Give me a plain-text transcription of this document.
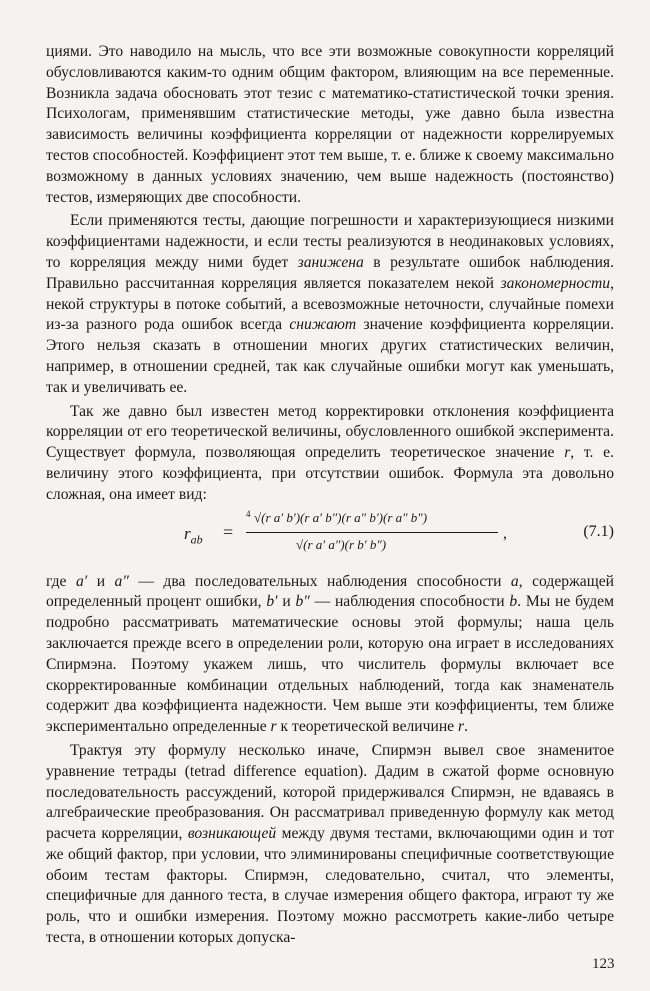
циями. Это наводило на мысль, что все эти возможные совокупности корреляций обусловливаются каким-то одним общим фактором, влияющим на все переменные. Возникла задача обосновать этот тезис с математико-статистической точки зрения. Психологам, применявшим статистические методы, уже давно была известна зависимость величины коэффициента корреляции от надежности коррелируемых тестов способностей. Коэффициент этот тем выше, т. е. ближе к своему максимально возможному в данных условиях значению, чем выше надежность (постоянство) тестов, измеряющих две способности.

Если применяются тесты, дающие погрешности и характеризующиеся низкими коэффициентами надежности, и если тесты реализуются в неодинаковых условиях, то корреляция между ними будет занижена в результате ошибок наблюдения. Правильно рассчитанная корреляция является показателем некой закономерности, некой структуры в потоке событий, а всевозможные неточности, случайные помехи из-за разного рода ошибок всегда снижают значение коэффициента корреляции. Этого нельзя сказать в отношении многих других статистических величин, например, в отношении средней, так как случайные ошибки могут как уменьшать, так и увеличивать ее.

Так же давно был известен метод корректировки отклонения коэффициента корреляции от его теоретической величины, обусловленного ошибкой эксперимента. Существует формула, позволяющая определить теоретическое значение r, т. е. величину этого коэффициента, при отсутствии ошибок. Формула эта довольно сложная, она имеет вид:

$r_{ab}$ =
4 √(r a′ b′)(r a′ b″)(r a″ b′)(r a″ b″)
√(r a′ a″)(r b′ b″)
,	(7.1)

где a′ и a″ — два последовательных наблюдения способности a, содержащей определенный процент ошибки, b′ и b″ — наблюдения способности b. Мы не будем подробно рассматривать математические основы этой формулы; наша цель заключается прежде всего в определении роли, которую она играет в исследованиях Спирмэна. Поэтому укажем лишь, что числитель формулы включает все скорректированные комбинации отдельных наблюдений, тогда как знаменатель содержит два коэффициента надежности. Чем выше эти коэффициенты, тем ближе экспериментально определенные r к теоретической величине r.

Трактуя эту формулу несколько иначе, Спирмэн вывел свое знаменитое уравнение тетрады (tetrad difference equation). Дадим в сжатой форме основную последовательность рассуждений, которой придерживался Спирмэн, не вдаваясь в алгебраические преобразования. Он рассматривал приведенную формулу как метод расчета корреляции, возникающей между двумя тестами, включающими один и тот же общий фактор, при условии, что элиминированы специфичные соответствующие обоим тестам факторы. Спирмэн, следовательно, считал, что элементы, специфичные для данного теста, в случае измерения общего фактора, играют ту же роль, что и ошибки измерения. Поэтому можно рассмотреть какие-либо четыре теста, в отношении которых допуска-

123
